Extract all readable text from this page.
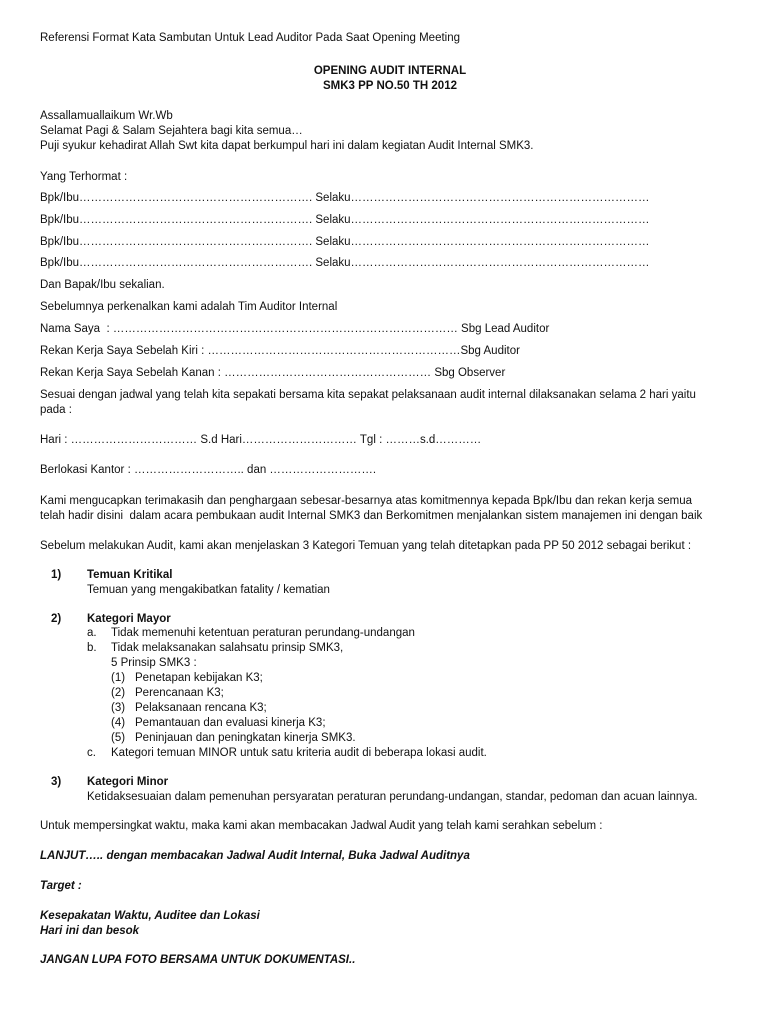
Referensi Format Kata Sambutan Untuk Lead Auditor Pada Saat Opening Meeting
OPENING AUDIT INTERNAL
SMK3 PP NO.50 TH 2012
Assallamuallaikum Wr.Wb
Selamat Pagi & Salam Sejahtera bagi kita semua…
Puji syukur kehadirat Allah Swt kita dapat berkumpul hari ini dalam kegiatan Audit Internal SMK3.
Yang Terhormat :
Bpk/Ibu……………………………………………………. Selaku……………………………………………………………………
Bpk/Ibu……………………………………………………. Selaku……………………………………………………………………
Bpk/Ibu……………………………………………………. Selaku……………………………………………………………………
Bpk/Ibu……………………………………………………. Selaku……………………………………………………………………
Dan Bapak/Ibu sekalian.
Sebelumnya perkenalkan kami adalah Tim Auditor Internal
Nama Saya  : ……………………………………………………………………………… Sbg Lead Auditor
Rekan Kerja Saya Sebelah Kiri : …………………………………………………………Sbg Auditor
Rekan Kerja Saya Sebelah Kanan : ……………………………………………… Sbg Observer
Sesuai dengan jadwal yang telah kita sepakati bersama kita sepakat pelaksanaan audit internal dilaksanakan selama 2 hari yaitu
pada :
Hari : …………………………… S.d Hari………………………… Tgl : ………s.d…………
Berlokasi Kantor : ……………………….. dan ……………………….
Kami mengucapkan terimakasih dan penghargaan sebesar-besarnya atas komitmennya kepada Bpk/Ibu dan rekan kerja semua
telah hadir disini  dalam acara pembukaan audit Internal SMK3 dan Berkomitmen menjalankan sistem manajemen ini dengan baik
Sebelum melakukan Audit, kami akan menjelaskan 3 Kategori Temuan yang telah ditetapkan pada PP 50 2012 sebagai berikut :
1) Temuan Kritikal
Temuan yang mengakibatkan fatality / kematian
2) Kategori Mayor
a. Tidak memenuhi ketentuan peraturan perundang-undangan
b. Tidak melaksanakan salahsatu prinsip SMK3,
5 Prinsip SMK3 :
(1) Penetapan kebijakan K3;
(2) Perencanaan K3;
(3) Pelaksanaan rencana K3;
(4) Pemantauan dan evaluasi kinerja K3;
(5) Peninjauan dan peningkatan kinerja SMK3.
c. Kategori temuan MINOR untuk satu kriteria audit di beberapa lokasi audit.
3) Kategori Minor
Ketidaksesuaian dalam pemenuhan persyaratan peraturan perundang-undangan, standar, pedoman dan acuan lainnya.
Untuk mempersingkat waktu, maka kami akan membacakan Jadwal Audit yang telah kami serahkan sebelum :
LANJUT….. dengan membacakan Jadwal Audit Internal, Buka Jadwal Auditnya
Target :
Kesepakatan Waktu, Auditee dan Lokasi
Hari ini dan besok
JANGAN LUPA FOTO BERSAMA UNTUK DOKUMENTASI..
